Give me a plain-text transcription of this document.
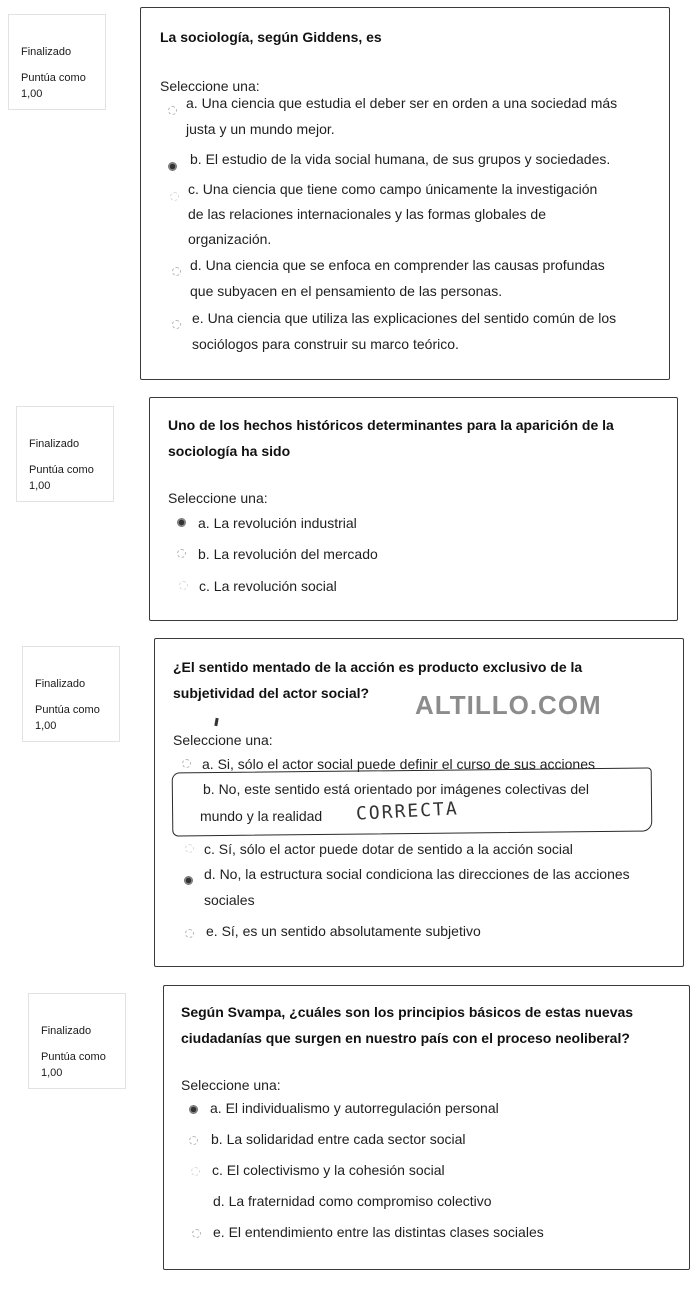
Finalizado
Puntúa como
1,00
La sociología, según Giddens, es
Seleccione una:
a. Una ciencia que estudia el deber ser en orden a una sociedad más
justa y un mundo mejor.
b. El estudio de la vida social humana, de sus grupos y sociedades.
c. Una ciencia que tiene como campo únicamente la investigación
de las relaciones internacionales y las formas globales de
organización.
d. Una ciencia que se enfoca en comprender las causas profundas
que subyacen en el pensamiento de las personas.
e. Una ciencia que utiliza las explicaciones del sentido común de los
sociólogos para construir su marco teórico.
Finalizado
Puntúa como
1,00
Uno de los hechos históricos determinantes para la aparición de la
sociología ha sido
Seleccione una:
a. La revolución industrial
b. La revolución del mercado
c. La revolución social
Finalizado
Puntúa como
1,00
¿El sentido mentado de la acción es producto exclusivo de la
subjetividad del actor social?	ALTILLO.COM
Seleccione una:
a. Si, sólo el actor social puede definir el curso de sus acciones
b. No, este sentido está orientado por imágenes colectivas del
mundo y la realidad	CORRECTA
c. Sí, sólo el actor puede dotar de sentido a la acción social
d. No, la estructura social condiciona las direcciones de las acciones
sociales
e. Sí, es un sentido absolutamente subjetivo
Finalizado
Puntúa como
1,00
Según Svampa, ¿cuáles son los principios básicos de estas nuevas
ciudadanías que surgen en nuestro país con el proceso neoliberal?
Seleccione una:
a. El individualismo y autorregulación personal
b. La solidaridad entre cada sector social
c. El colectivismo y la cohesión social
d. La fraternidad como compromiso colectivo
e. El entendimiento entre las distintas clases sociales
